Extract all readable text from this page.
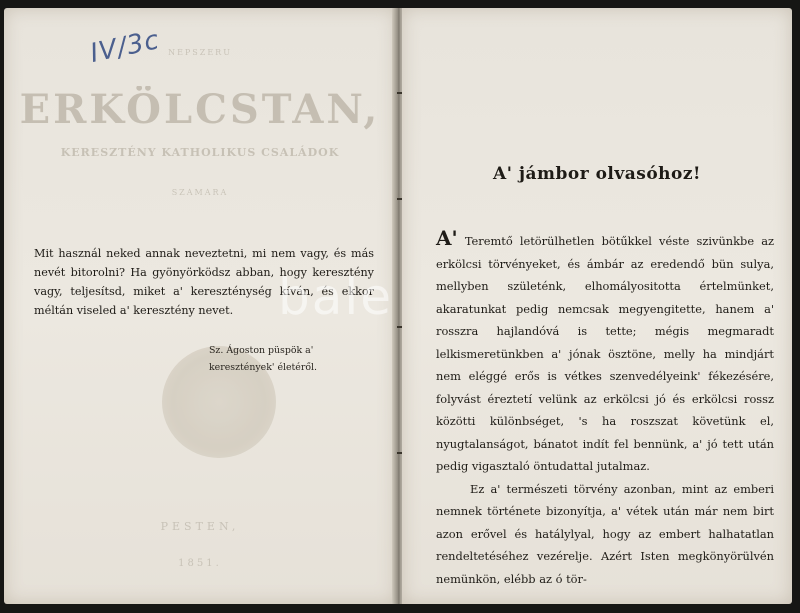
NÉPSZERŰ
ERKÖLCSTAN,
KERESZTÉNY KATHOLIKUS CSALÁDOK
SZÁMÁRA
PESTEN,
1851.
IV/3c
Mit használ neked annak neveztetni, mi nem vagy, és más nevét bitorolni? Ha gyönyörködsz abban, hogy keresztény vagy, teljesítsd, miket a' kereszténység kíván, és ekkor méltán viseled a' keresztény nevet.
Sz. Ágoston püspök a' keresztények' életéről.
A' jámbor olvasóhoz!

A' Teremtő letörülhetlen bötűkkel véste szivünkbe az erkölcsi törvényeket, és ámbár az eredendő bün sulya, mellyben születénk, elhomályositotta értelmünket, akaratunkat pedig nemcsak megyengitette, hanem a' rosszra hajlandóvá is tette; mégis megmaradt lelkismeretünkben a' jónak ösztöne, melly ha mindjárt nem eléggé erős is vétkes szenvedélyeink' fékezésére, folyvást éreztetí velünk az erkölcsi jó és erkölcsi rossz közötti különbséget, 's ha roszszat követünk el, nyugtalanságot, bánatot indít fel bennünk, a' jó tett után pedig vigasztaló öntudattal jutalmaz.

Ez a' természeti törvény azonban, mint az emberi nemnek története bizonyítja, a' vétek után már nem birt azon erővel és hatálylyal, hogy az embert halhatatlan rendeltetéséhez vezérelje. Azért Isten megkönyörülvén nemünkön, elébb az ó tör-

bale
